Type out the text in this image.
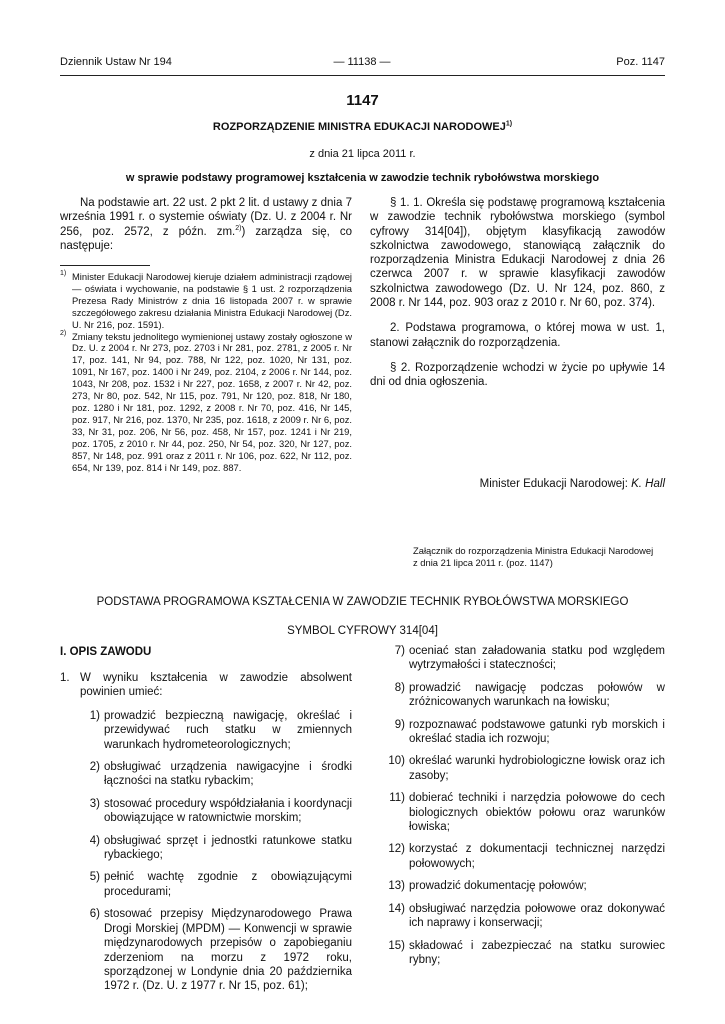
Dziennik Ustaw Nr 194	— 11138 —	Poz. 1147
1147
ROZPORZĄDZENIE MINISTRA EDUKACJI NARODOWEJ$^{1)}$
z dnia 21 lipca 2011 r.
w sprawie podstawy programowej kształcenia w zawodzie technik rybołówstwa morskiego

Na podstawie art. 22 ust. 2 pkt 2 lit. d ustawy z dnia 7 września 1991 r. o systemie oświaty (Dz. U. z 2004 r. Nr 256, poz. 2572, z późn. zm.$^{2)}$) zarządza się, co następuje:

1) Minister Edukacji Narodowej kieruje działem administracji rządowej — oświata i wychowanie, na podstawie § 1 ust. 2 rozporządzenia Prezesa Rady Ministrów z dnia 16 listopada 2007 r. w sprawie szczegółowego zakresu działania Ministra Edukacji Narodowej (Dz. U. Nr 216, poz. 1591).

2) Zmiany tekstu jednolitego wymienionej ustawy zostały ogłoszone w Dz. U. z 2004 r. Nr 273, poz. 2703 i Nr 281, poz. 2781, z 2005 r. Nr 17, poz. 141, Nr 94, poz. 788, Nr 122, poz. 1020, Nr 131, poz. 1091, Nr 167, poz. 1400 i Nr 249, poz. 2104, z 2006 r. Nr 144, poz. 1043, Nr 208, poz. 1532 i Nr 227, poz. 1658, z 2007 r. Nr 42, poz. 273, Nr 80, poz. 542, Nr 115, poz. 791, Nr 120, poz. 818, Nr 180, poz. 1280 i Nr 181, poz. 1292, z 2008 r. Nr 70, poz. 416, Nr 145, poz. 917, Nr 216, poz. 1370, Nr 235, poz. 1618, z 2009 r. Nr 6, poz. 33, Nr 31, poz. 206, Nr 56, poz. 458, Nr 157, poz. 1241 i Nr 219, poz. 1705, z 2010 r. Nr 44, poz. 250, Nr 54, poz. 320, Nr 127, poz. 857, Nr 148, poz. 991 oraz z 2011 r. Nr 106, poz. 622, Nr 112, poz. 654, Nr 139, poz. 814 i Nr 149, poz. 887.

§ 1. 1. Określa się podstawę programową kształcenia w zawodzie technik rybołówstwa morskiego (symbol cyfrowy 314[04]), objętym klasyfikacją zawodów szkolnictwa zawodowego, stanowiącą załącznik do rozporządzenia Ministra Edukacji Narodowej z dnia 26 czerwca 2007 r. w sprawie klasyfikacji zawodów szkolnictwa zawodowego (Dz. U. Nr 124, poz. 860, z 2008 r. Nr 144, poz. 903 oraz z 2010 r. Nr 60, poz. 374).

2. Podstawa programowa, o której mowa w ust. 1, stanowi załącznik do rozporządzenia.

§ 2. Rozporządzenie wchodzi w życie po upływie 14 dni od dnia ogłoszenia.

Minister Edukacji Narodowej: K. Hall
Załącznik do rozporządzenia Ministra Edukacji Narodowej
z dnia 21 lipca 2011 r. (poz. 1147)
PODSTAWA PROGRAMOWA KSZTAŁCENIA W ZAWODZIE TECHNIK RYBOŁÓWSTWA MORSKIEGO
SYMBOL CYFROWY 314[04]
I. OPIS ZAWODU

1. W wyniku kształcenia w zawodzie absolwent powinien umieć:

1) prowadzić bezpieczną nawigację, określać i przewidywać ruch statku w zmiennych warunkach hydrometeorologicznych;

2) obsługiwać urządzenia nawigacyjne i środki łączności na statku rybackim;

3) stosować procedury współdziałania i koordynacji obowiązujące w ratownictwie morskim;

4) obsługiwać sprzęt i jednostki ratunkowe statku rybackiego;

5) pełnić wachtę zgodnie z obowiązującymi procedurami;

6) stosować przepisy Międzynarodowego Prawa Drogi Morskiej (MPDM) — Konwencji w sprawie międzynarodowych przepisów o zapobieganiu zderzeniom na morzu z 1972 roku, sporządzonej w Londynie dnia 20 października 1972 r. (Dz. U. z 1977 r. Nr 15, poz. 61);

7) oceniać stan załadowania statku pod względem wytrzymałości i stateczności;

8) prowadzić nawigację podczas połowów w zróżnicowanych warunkach na łowisku;

9) rozpoznawać podstawowe gatunki ryb morskich i określać stadia ich rozwoju;

10) określać warunki hydrobiologiczne łowisk oraz ich zasoby;

11) dobierać techniki i narzędzia połowowe do cech biologicznych obiektów połowu oraz warunków łowiska;

12) korzystać z dokumentacji technicznej narzędzi połowowych;

13) prowadzić dokumentację połowów;

14) obsługiwać narzędzia połowowe oraz dokonywać ich naprawy i konserwacji;

15) składować i zabezpieczać na statku surowiec rybny;
